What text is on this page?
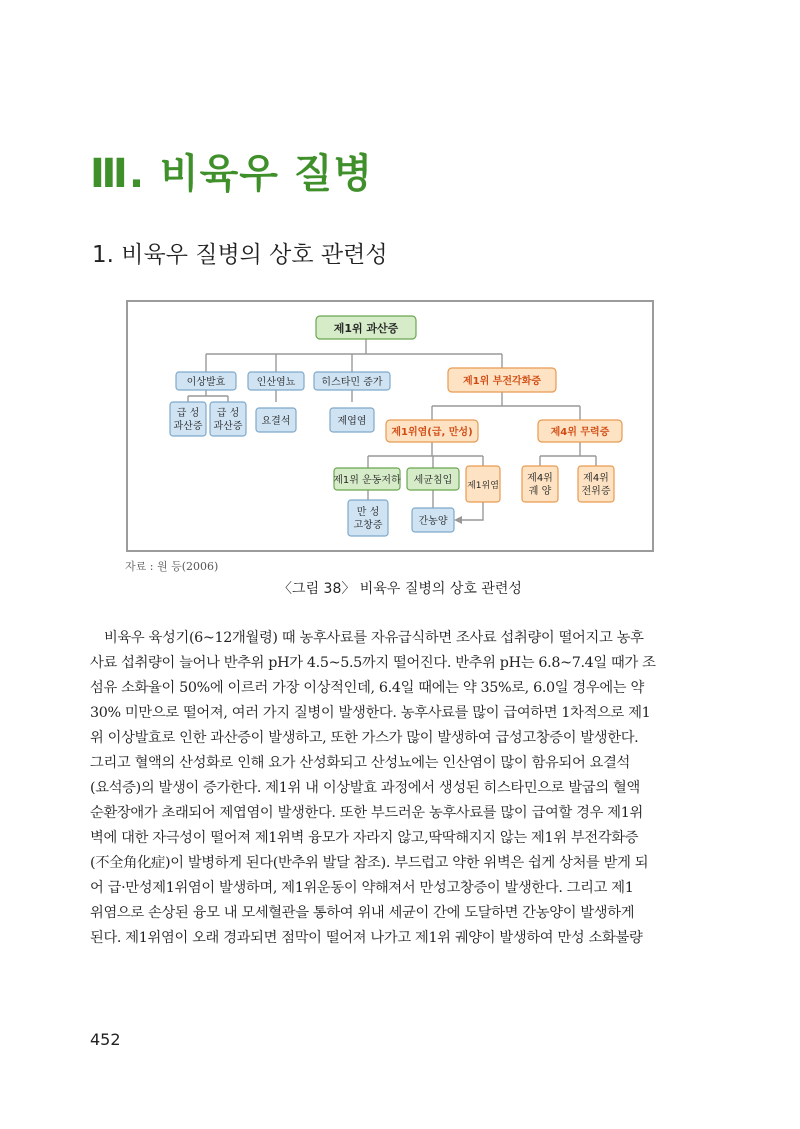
Ⅲ. 비육우 질병
1. 비육우 질병의 상호 관련성
제1위 과산증
이상발효	인산염뇨	히스타민 증가	제1위 부전각화증
급 성
과산증
급 성
과산증 요결석	제엽염
제1위염(급, 만성)	제4위 무력증
제1위 운동저하 세균침입 제1위염
제4위
궤 양
제4위
전위증
만 성
고창증	간농양
자료 : 원 등(2006)
〈그림 38〉 비육우 질병의 상호 관련성
비육우 육성기(6~12개월령) 때 농후사료를 자유급식하면 조사료 섭취량이 떨어지고 농후
사료 섭취량이 늘어나 반추위 pH가 4.5~5.5까지 떨어진다. 반추위 pH는 6.8~7.4일 때가 조
섬유 소화율이 50%에 이르러 가장 이상적인데, 6.4일 때에는 약 35%로, 6.0일 경우에는 약
30% 미만으로 떨어져, 여러 가지 질병이 발생한다. 농후사료를 많이 급여하면 1차적으로 제1
위 이상발효로 인한 과산증이 발생하고, 또한 가스가 많이 발생하여 급성고창증이 발생한다.
그리고 혈액의 산성화로 인해 요가 산성화되고 산성뇨에는 인산염이 많이 함유되어 요결석
(요석증)의 발생이 증가한다. 제1위 내 이상발효 과정에서 생성된 히스타민으로 발굽의 혈액
순환장애가 초래되어 제엽염이 발생한다. 또한 부드러운 농후사료를 많이 급여할 경우 제1위
벽에 대한 자극성이 떨어져 제1위벽 융모가 자라지 않고,딱딱해지지 않는 제1위 부전각화증
(不全角化症)이 발병하게 된다(반추위 발달 참조). 부드럽고 약한 위벽은 쉽게 상처를 받게 되
어 급·만성제1위염이 발생하며, 제1위운동이 약해져서 만성고창증이 발생한다. 그리고 제1
위염으로 손상된 융모 내 모세혈관을 통하여 위내 세균이 간에 도달하면 간농양이 발생하게
된다. 제1위염이 오래 경과되면 점막이 떨어져 나가고 제1위 궤양이 발생하여 만성 소화불량
452
